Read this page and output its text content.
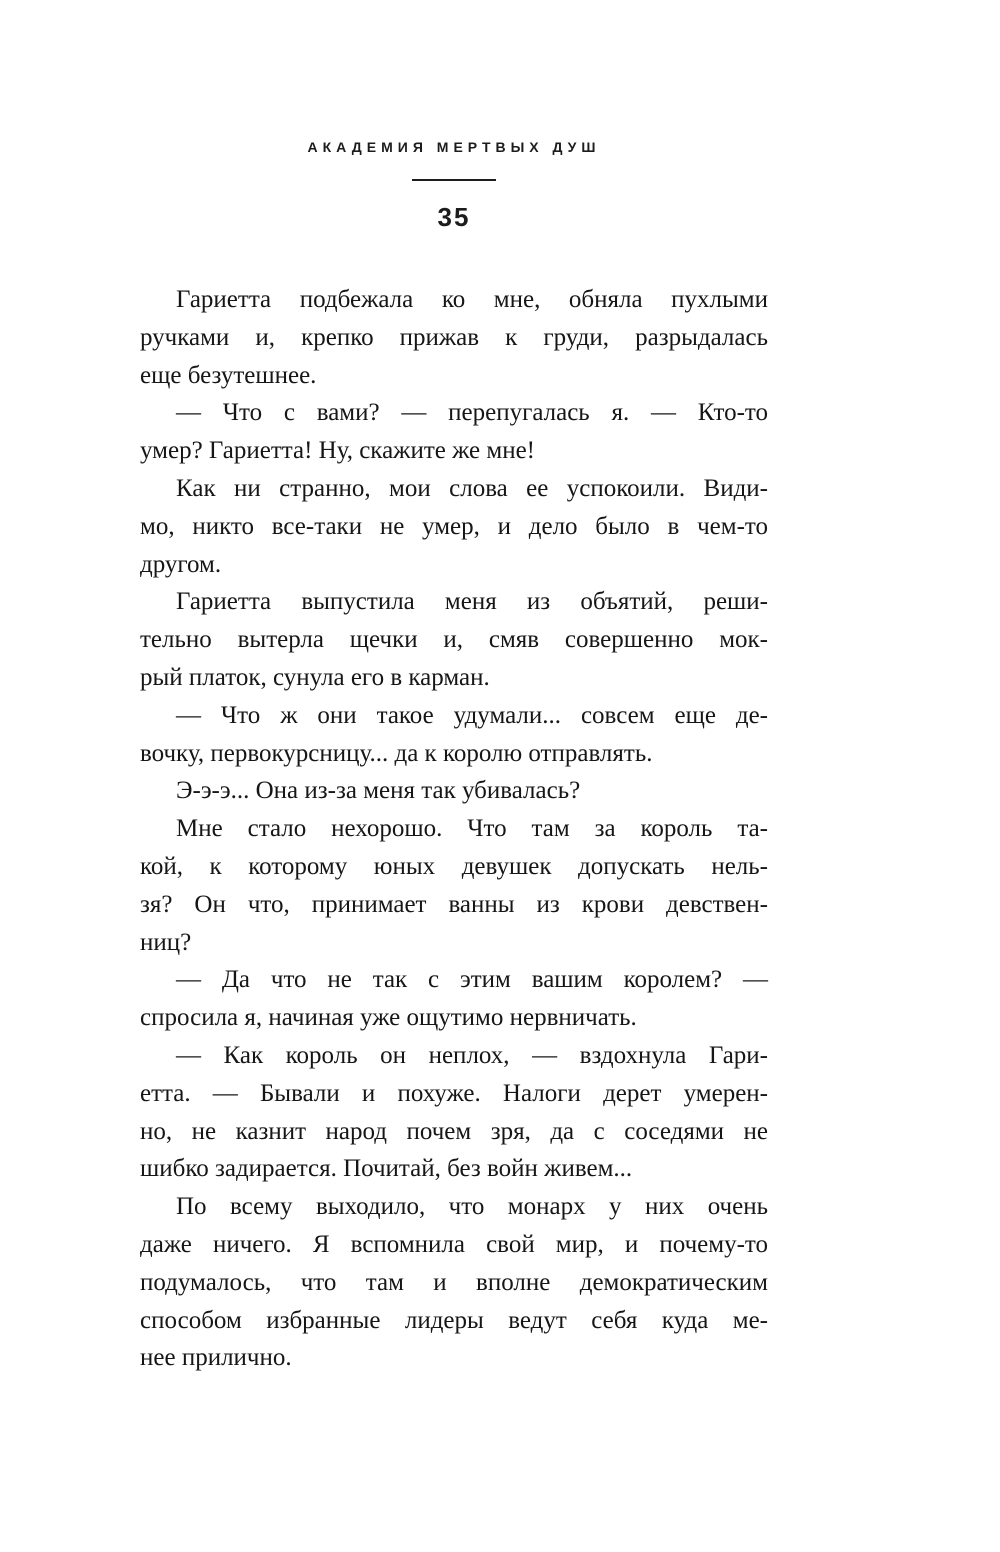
АКАДЕМИЯ МЕРТВЫХ ДУШ
35
Гариетта подбежала ко мне, обняла пухлыми
ручками и, крепко прижав к груди, разрыдалась
еще безутешнее.
— Что с вами? — перепугалась я. — Кто-то
умер? Гариетта! Ну, скажите же мне!
Как ни странно, мои слова ее успокоили. Види-
мо, никто все-таки не умер, и дело было в чем-то
другом.
Гариетта выпустила меня из объятий, реши-
тельно вытерла щечки и, смяв совершенно мок-
рый платок, сунула его в карман.
— Что ж они такое удумали... совсем еще де-
вочку, первокурсницу... да к королю отправлять.
Э-э-э... Она из-за меня так убивалась?
Мне стало нехорошо. Что там за король та-
кой, к которому юных девушек допускать нель-
зя? Он что, принимает ванны из крови девствен-
ниц?
— Да что не так с этим вашим королем? —
спросила я, начиная уже ощутимо нервничать.
— Как король он неплох, — вздохнула Гари-
етта. — Бывали и похуже. Налоги дерет умерен-
но, не казнит народ почем зря, да с соседями не
шибко задирается. Почитай, без войн живем...
По всему выходило, что монарх у них очень
даже ничего. Я вспомнила свой мир, и почему-то
подумалось, что там и вполне демократическим
способом избранные лидеры ведут себя куда ме-
нее прилично.
